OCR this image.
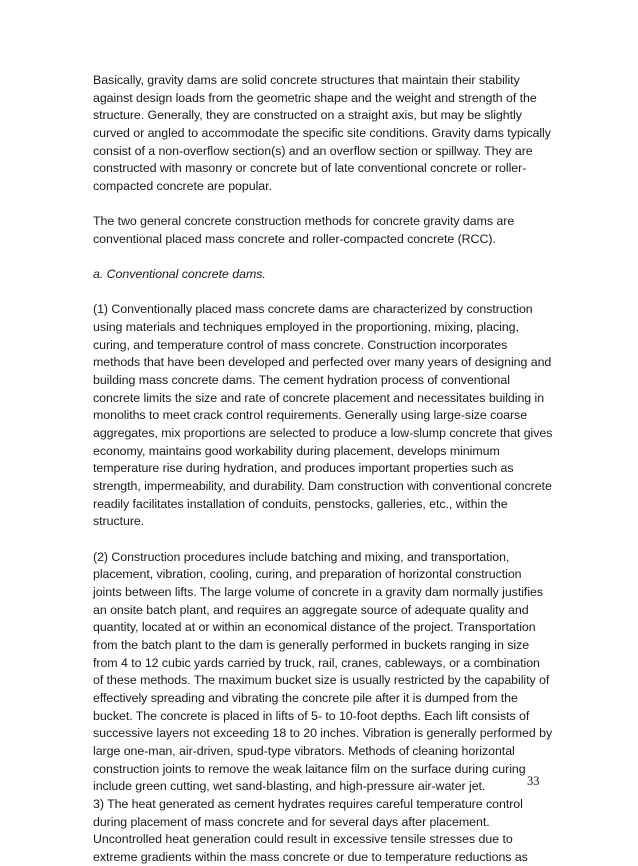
Basically, gravity dams are solid concrete structures that maintain their stability against design loads from the geometric shape and the weight and strength of the structure. Generally, they are constructed on a straight axis, but may be slightly curved or angled to accommodate the specific site conditions. Gravity dams typically consist of a non-overflow section(s) and an overflow section or spillway. They are constructed with masonry or concrete but of late conventional concrete or roller-compacted concrete are popular.

The two general concrete construction methods for concrete gravity dams are conventional placed mass concrete and roller-compacted concrete (RCC).

a. Conventional concrete dams.

(1) Conventionally placed mass concrete dams are characterized by construction using materials and techniques employed in the proportioning, mixing, placing, curing, and temperature control of mass concrete. Construction incorporates methods that have been developed and perfected over many years of designing and building mass concrete dams. The cement hydration process of conventional concrete limits the size and rate of concrete placement and necessitates building in monoliths to meet crack control requirements. Generally using large-size coarse aggregates, mix proportions are selected to produce a low-slump concrete that gives economy, maintains good workability during placement, develops minimum temperature rise during hydration, and produces important properties such as strength, impermeability, and durability. Dam construction with conventional concrete readily facilitates installation of conduits, penstocks, galleries, etc., within the structure.

(2) Construction procedures include batching and mixing, and transportation, placement, vibration, cooling, curing, and preparation of horizontal construction joints between lifts. The large volume of concrete in a gravity dam normally justifies an onsite batch plant, and requires an aggregate source of adequate quality and quantity, located at or within an economical distance of the project. Transportation from the batch plant to the dam is generally performed in buckets ranging in size from 4 to 12 cubic yards carried by truck, rail, cranes, cableways, or a combination of these methods. The maximum bucket size is usually restricted by the capability of effectively spreading and vibrating the concrete pile after it is dumped from the bucket. The concrete is placed in lifts of 5- to 10-foot depths. Each lift consists of successive layers not exceeding 18 to 20 inches. Vibration is generally performed by large one-man, air-driven, spud-type vibrators. Methods of cleaning horizontal construction joints to remove the weak laitance film on the surface during curing include green cutting, wet sand-blasting, and high-pressure air-water jet.

3) The heat generated as cement hydrates requires careful temperature control during placement of mass concrete and for several days after placement. Uncontrolled heat generation could result in excessive tensile stresses due to extreme gradients within the mass concrete or due to temperature reductions as

33
